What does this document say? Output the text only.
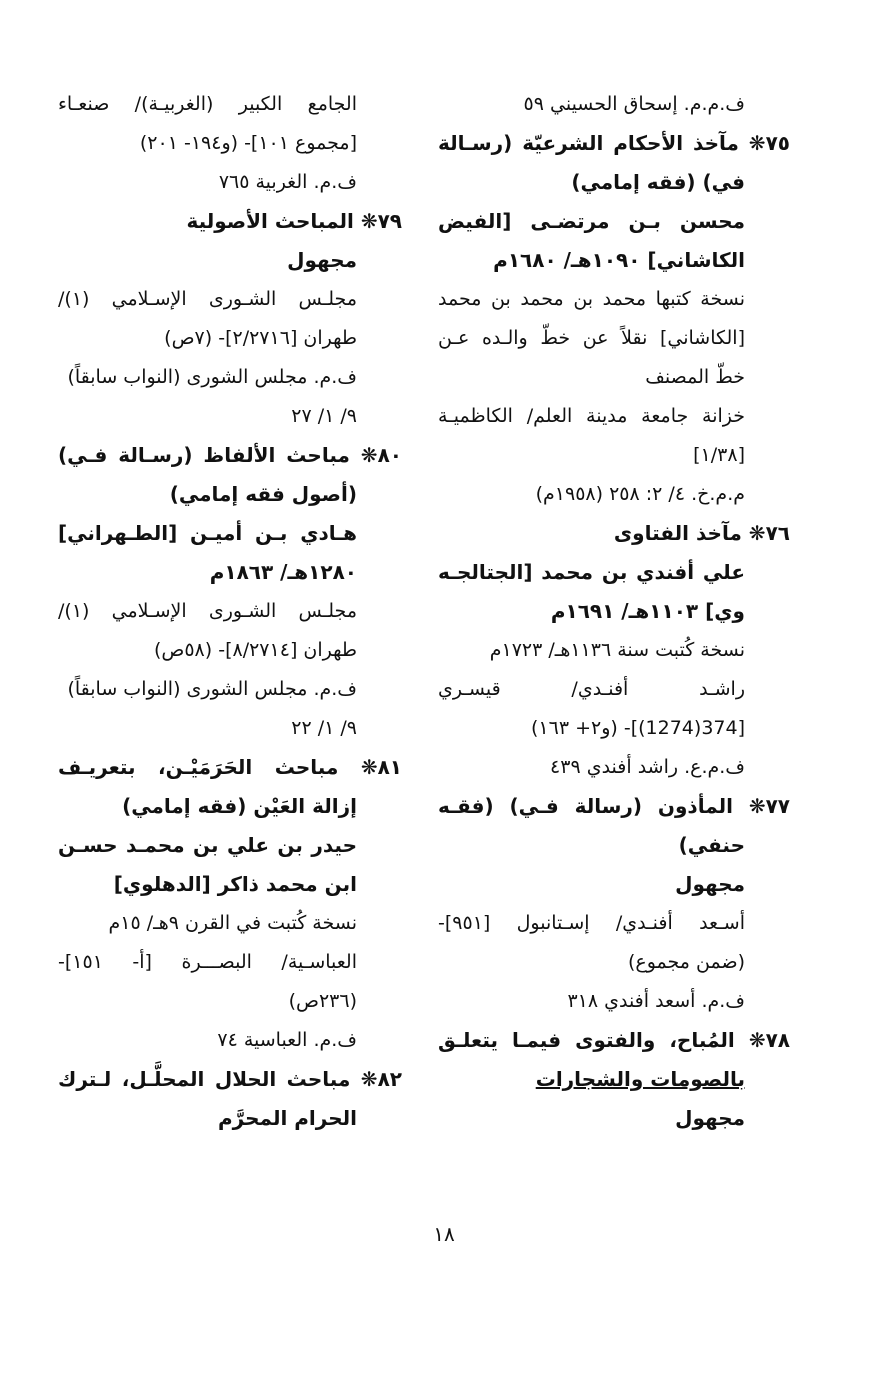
ف.م.م. إسحاق الحسيني ٥٩
٧٥❋ مآخذ الأحكام الشرعيّة (رسـالة
في) (فقه إمامي)
محسن بـن مرتضـى [الفيض
الكاشاني] ١٠٩٠هـ/ ١٦٨٠م
نسخة كتبها محمد بن محمد بن محمد
[الكاشاني] نقلاً عن خطّ والـده عـن
خطّ المصنف
خزانة جامعة مدينة العلم/ الكاظميـة
[١/٣٨]
م.م.خ. ٤/ ٢: ٢٥٨ (١٩٥٨م)
٧٦❋ مآخذ الفتاوى
علي أفندي بن محمد [الجتالجـه
وي] ١١٠٣هـ/ ١٦٩١م
نسخة كُتبت سنة ١١٣٦هـ/ ١٧٢٣م
راشـد أفنـدي/ قيسـري
[374(1274)]- (و٢+ ١٦٣)
ف.م.ع. راشد أفندي ٤٣٩
٧٧❋ المأذون (رسالة فـي) (فقـه
حنفي)
مجهول
أسـعد أفنـدي/ إسـتانبول [٩٥١]-
(ضمن مجموع)
ف.م. أسعد أفندي ٣١٨
٧٨❋ المُباح، والفتوى فيمـا يتعلـق
بالصومات والشجارات
مجهول
الجامع الكبير (الغربيـة)/ صنعـاء
[مجموع ١٠١]- (و١٩٤- ٢٠١)
ف.م. الغربية ٧٦٥
٧٩❋ المباحث الأصولية
مجهول
مجلـس الشـورى الإسـلامي (١)/
طهران [٢/٢٧١٦]- (٧ص)
ف.م. مجلس الشورى (النواب سابقاً)
٩/ ١/ ٢٧
٨٠❋ مباحث الألفاظ (رسـالة فـي)
(أصول فقه إمامي)
هـادي بـن أميـن [الطـهراني]
١٢٨٠هـ/ ١٨٦٣م
مجلـس الشـورى الإسـلامي (١)/
طهران [٨/٢٧١٤]- (٥٨ص)
ف.م. مجلس الشورى (النواب سابقاً)
٩/ ١/ ٢٢
٨١❋ مباحث الحَرَمَيْـن، بتعريـف
إزالة العَيْن (فقه إمامي)
حيدر بن علي بن محمـد حسـن
ابن محمد ذاكر [الدهلوي]
نسخة كُتبت في القرن ٩هـ/ ١٥م
العباسـية/ البصـــرة [أ- ١٥١]-
(٢٣٦ص)
ف.م. العباسية ٧٤
٨٢❋ مباحث الحلال المحلَّـل، لـترك
الحرام المحرَّم
١٨
